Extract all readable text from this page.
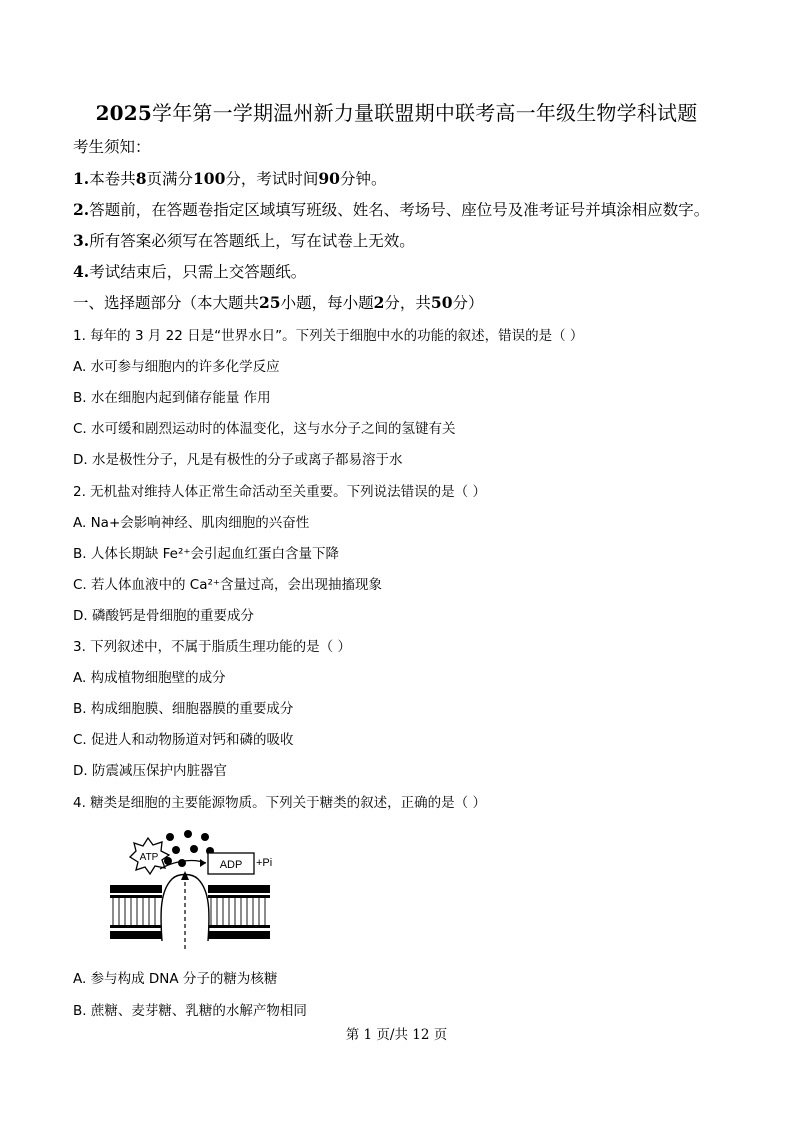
2025学年第一学期温州新力量联盟期中联考高一年级生物学科试题
考生须知：
1.本卷共8页满分100分，考试时间90分钟。
2.答题前，在答题卷指定区域填写班级、姓名、考场号、座位号及准考证号并填涂相应数字。
3.所有答案必须写在答题纸上，写在试卷上无效。
4.考试结束后，只需上交答题纸。
一、选择题部分（本大题共25小题，每小题2分，共50分）
1. 每年的 3 月 22 日是“世界水日”。下列关于细胞中水的功能的叙述，错误的是（ ）
A. 水可参与细胞内的许多化学反应
B. 水在细胞内起到储存能量 作用
C. 水可缓和剧烈运动时的体温变化，这与水分子之间的氢键有关
D. 水是极性分子，凡是有极性的分子或离子都易溶于水
2. 无机盐对维持人体正常生命活动至关重要。下列说法错误的是（ ）
A. Na+会影响神经、肌肉细胞的兴奋性
B. 人体长期缺 Fe²⁺会引起血红蛋白含量下降
C. 若人体血液中的 Ca²⁺含量过高，会出现抽搐现象
D. 磷酸钙是骨细胞的重要成分
3. 下列叙述中，不属于脂质生理功能的是（ ）
A. 构成植物细胞壁的成分
B. 构成细胞膜、细胞器膜的重要成分
C. 促进人和动物肠道对钙和磷的吸收
D. 防震减压保护内脏器官
4. 糖类是细胞的主要能源物质。下列关于糖类的叙述，正确的是（ ）
ATP
ADP +Pi
A. 参与构成 DNA 分子的糖为核糖
B. 蔗糖、麦芽糖、乳糖的水解产物相同
第 1 页/共 12 页
